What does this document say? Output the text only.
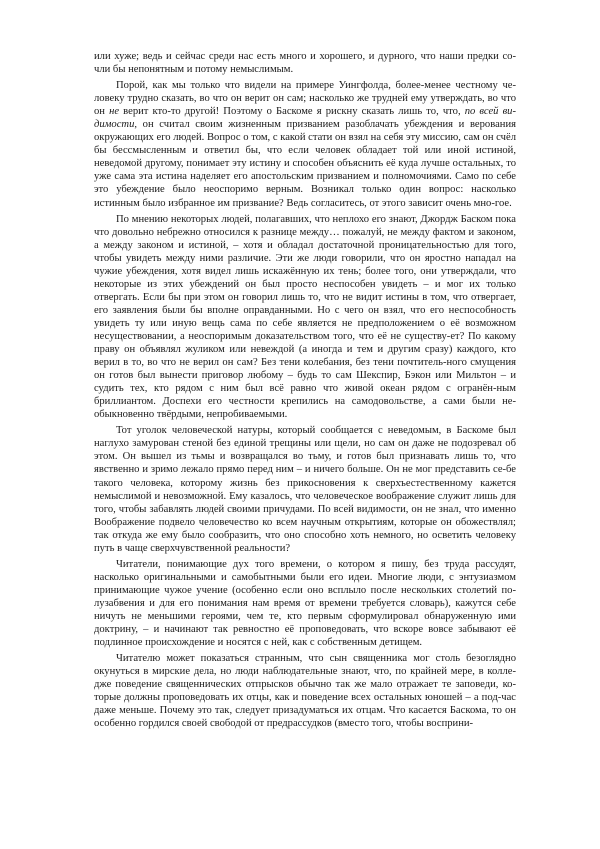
или хуже; ведь и сейчас среди нас есть много и хорошего, и дурного, что наши предки со-чли бы непонятным и потому немыслимым.

Порой, как мы только что видели на примере Уингфолда, более-менее честному че-ловеку трудно сказать, во что он верит он сам; насколько же трудней ему утверждать, во что он не верит кто-то другой! Поэтому о Баскоме я рискну сказать лишь то, что, по всей ви-димости, он считал своим жизненным призванием разоблачать убеждения и верования окружающих его людей. Вопрос о том, с какой стати он взял на себя эту миссию, сам он счёл бы бессмысленным и ответил бы, что если человек обладает той или иной истиной, неведомой другому, понимает эту истину и способен объяснить её куда лучше остальных, то уже сама эта истина наделяет его апостольским призванием и полномочиями. Само по себе это убеждение было неоспоримо верным. Возникал только один вопрос: насколько истинным было избранное им призвание? Ведь согласитесь, от этого зависит очень мно-гое.

По мнению некоторых людей, полагавших, что неплохо его знают, Джордж Баском пока что довольно небрежно относился к разнице между… пожалуй, не между фактом и законом, а между законом и истиной, – хотя и обладал достаточной проницательностью для того, чтобы увидеть между ними различие. Эти же люди говорили, что он яростно нападал на чужие убеждения, хотя видел лишь искажённую их тень; более того, они утверждали, что некоторые из этих убеждений он был просто неспособен увидеть – и мог их только отвергать. Если бы при этом он говорил лишь то, что не видит истины в том, что отвергает, его заявления были бы вполне оправданными. Но с чего он взял, что его неспособность увидеть ту или иную вещь сама по себе является не предположением о её возможном несуществовании, а неоспоримым доказательством того, что её не существу-ет? По какому праву он объявлял жуликом или невеждой (а иногда и тем и другим сразу) каждого, кто верил в то, во что не верил он сам? Без тени колебания, без тени почтитель-ного смущения он готов был вынести приговор любому – будь то сам Шекспир, Бэкон или Мильтон – и судить тех, кто рядом с ним был всё равно что живой океан рядом с огранён-ным бриллиантом. Доспехи его честности крепились на самодовольстве, а сами были не-обыкновенно твёрдыми, непробиваемыми.

Тот уголок человеческой натуры, который сообщается с неведомым, в Баскоме был наглухо замурован стеной без единой трещины или щели, но сам он даже не подозревал об этом. Он вышел из тьмы и возвращался во тьму, и готов был признавать лишь то, что явственно и зримо лежало прямо перед ним – и ничего больше. Он не мог представить се-бе такого человека, которому жизнь без прикосновения к сверхъестественному кажется немыслимой и невозможной. Ему казалось, что человеческое воображение служит лишь для того, чтобы забавлять людей своими причудами. По всей видимости, он не знал, что именно Воображение подвело человечество ко всем научным открытиям, которые он обожествлял; так откуда же ему было сообразить, что оно способно хоть немного, но осветить человеку путь в чаще сверхчувственной реальности?

Читатели, понимающие дух того времени, о котором я пишу, без труда рассудят, насколько оригинальными и самобытными были его идеи. Многие люди, с энтузиазмом принимающие чужое учение (особенно если оно всплыло после нескольких столетий по-лузабвения и для его понимания нам время от времени требуется словарь), кажутся себе ничуть не меньшими героями, чем те, кто первым сформулировал обнаруженную ими доктрину, – и начинают так ревностно её проповедовать, что вскоре вовсе забывают её подлинное происхождение и носятся с ней, как с собственным детищем.

Читателю может показаться странным, что сын священника мог столь безоглядно окунуться в мирские дела, но люди наблюдательные знают, что, по крайней мере, в колле-дже поведение священнических отпрысков обычно так же мало отражает те заповеди, ко-торые должны проповедовать их отцы, как и поведение всех остальных юношей – а под-час даже меньше. Почему это так, следует призадуматься их отцам. Что касается Баскома, то он особенно гордился своей свободой от предрассудков (вместо того, чтобы восприни-
